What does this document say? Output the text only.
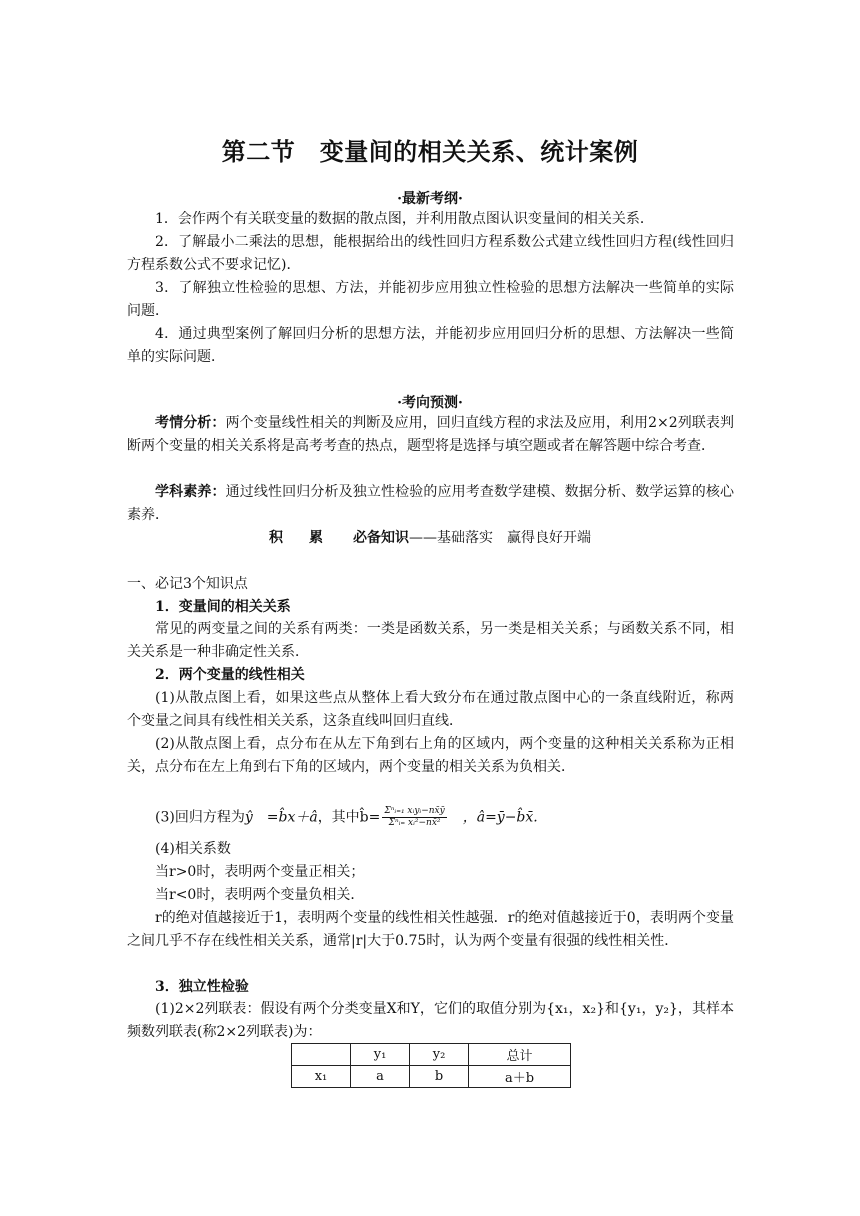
第二节　变量间的相关关系、统计案例
·最新考纲·
1．会作两个有关联变量的数据的散点图，并利用散点图认识变量间的相关关系．
2．了解最小二乘法的思想，能根据给出的线性回归方程系数公式建立线性回归方程(线性回归方程系数公式不要求记忆)．
3．了解独立性检验的思想、方法，并能初步应用独立性检验的思想方法解决一些简单的实际问题．
4．通过典型案例了解回归分析的思想方法，并能初步应用回归分析的思想、方法解决一些简单的实际问题．
·考向预测·
考情分析：两个变量线性相关的判断及应用，回归直线方程的求法及应用，利用2×2列联表判断两个变量的相关关系将是高考考查的热点，题型将是选择与填空题或者在解答题中综合考查．
学科素养：通过线性回归分析及独立性检验的应用考查数学建模、数据分析、数学运算的核心素养．
积　累 必备知识——基础落实 赢得良好开端
一、必记3个知识点
1．变量间的相关关系
常见的两变量之间的关系有两类：一类是函数关系，另一类是相关关系；与函数关系不同，相关关系是一种非确定性关系．
2．两个变量的线性相关
(1)从散点图上看，如果这些点从整体上看大致分布在通过散点图中心的一条直线附近，称两个变量之间具有线性相关关系，这条直线叫回归直线．
(2)从散点图上看，点分布在从左下角到右上角的区域内，两个变量的这种相关关系称为正相关，点分布在左上角到右下角的区域内，两个变量的相关关系为负相关．
(3)回归方程为ŷ　=b̂x＋â，其中b̂= $\frac{\text{Σⁿᵢ₌₁ xᵢyᵢ−nx̄ȳ}}{\text{Σⁿᵢ₌ xᵢ²−nx̄²}}$ 　，â=ȳ−b̂x̄.
(4)相关系数
当r>0时，表明两个变量正相关；
当r<0时，表明两个变量负相关．
r的绝对值越接近于1，表明两个变量的线性相关性越强．r的绝对值越接近于0，表明两个变量之间几乎不存在线性相关关系，通常|r|大于0.75时，认为两个变量有很强的线性相关性．
3．独立性检验
(1)2×2列联表：假设有两个分类变量X和Y，它们的取值分别为{x₁，x₂}和{y₁，y₂}，其样本频数列联表(称2×2列联表)为：
	y₁	y₂	总计
x₁	a	b	a＋b
